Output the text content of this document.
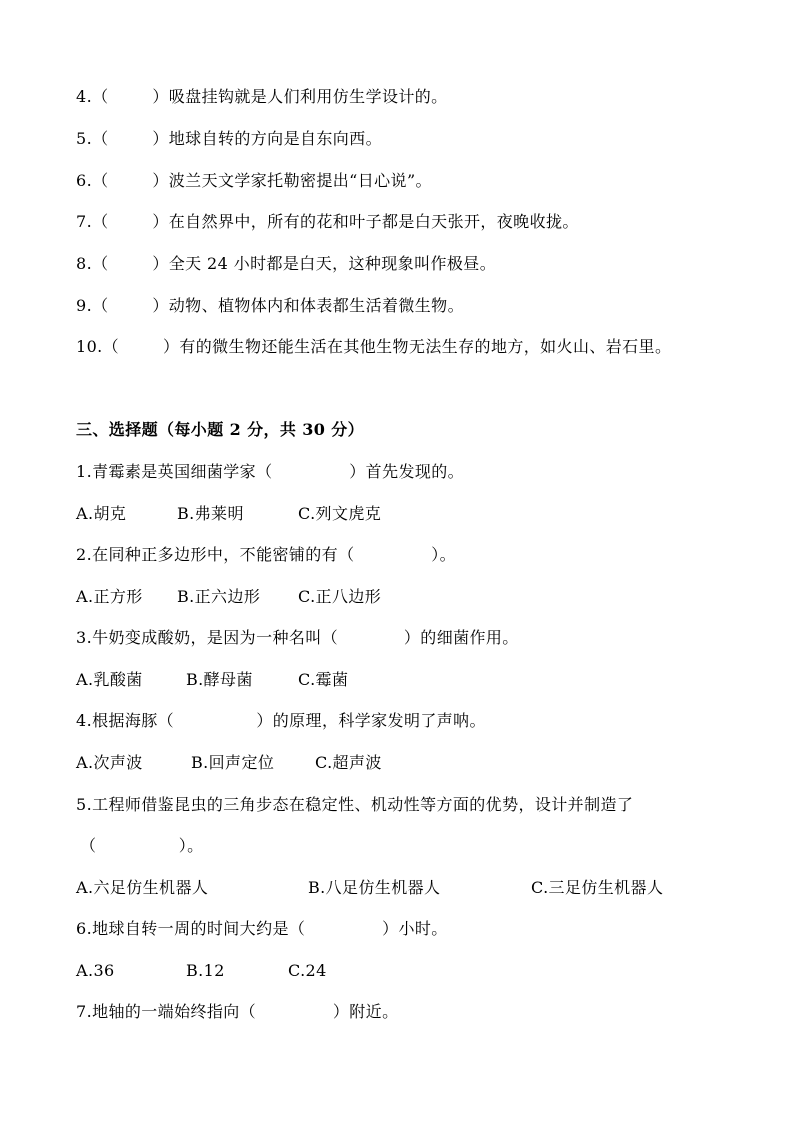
4.（        ）吸盘挂钩就是人们利用仿生学设计的。
5.（        ）地球自转的方向是自东向西。
6.（        ）波兰天文学家托勒密提出“日心说”。
7.（        ）在自然界中，所有的花和叶子都是白天张开，夜晚收拢。
8.（        ）全天 24 小时都是白天，这种现象叫作极昼。
9.（        ）动物、植物体内和体表都生活着微生物。
10.（        ）有的微生物还能生活在其他生物无法生存的地方，如火山、岩石里。
三、选择题（每小题 2 分，共 30 分）
1.青霉素是英国细菌学家（              ）首先发现的。
A.胡克	B.弗莱明	C.列文虎克
2.在同种正多边形中，不能密铺的有（              ）。
A.正方形 B.正六边形 C.正八边形
3.牛奶变成酸奶，是因为一种名叫（            ）的细菌作用。
A.乳酸菌	B.酵母菌	C.霉菌
4.根据海豚（               ）的原理，科学家发明了声呐。
A.次声波	B.回声定位	C.超声波
5.工程师借鉴昆虫的三角步态在稳定性、机动性等方面的优势，设计并制造了
（               ）。
A.六足仿生机器人	B.八足仿生机器人	C.三足仿生机器人
6.地球自转一周的时间大约是（              ）小时。
A.36	B.12	C.24
7.地轴的一端始终指向（              ）附近。
